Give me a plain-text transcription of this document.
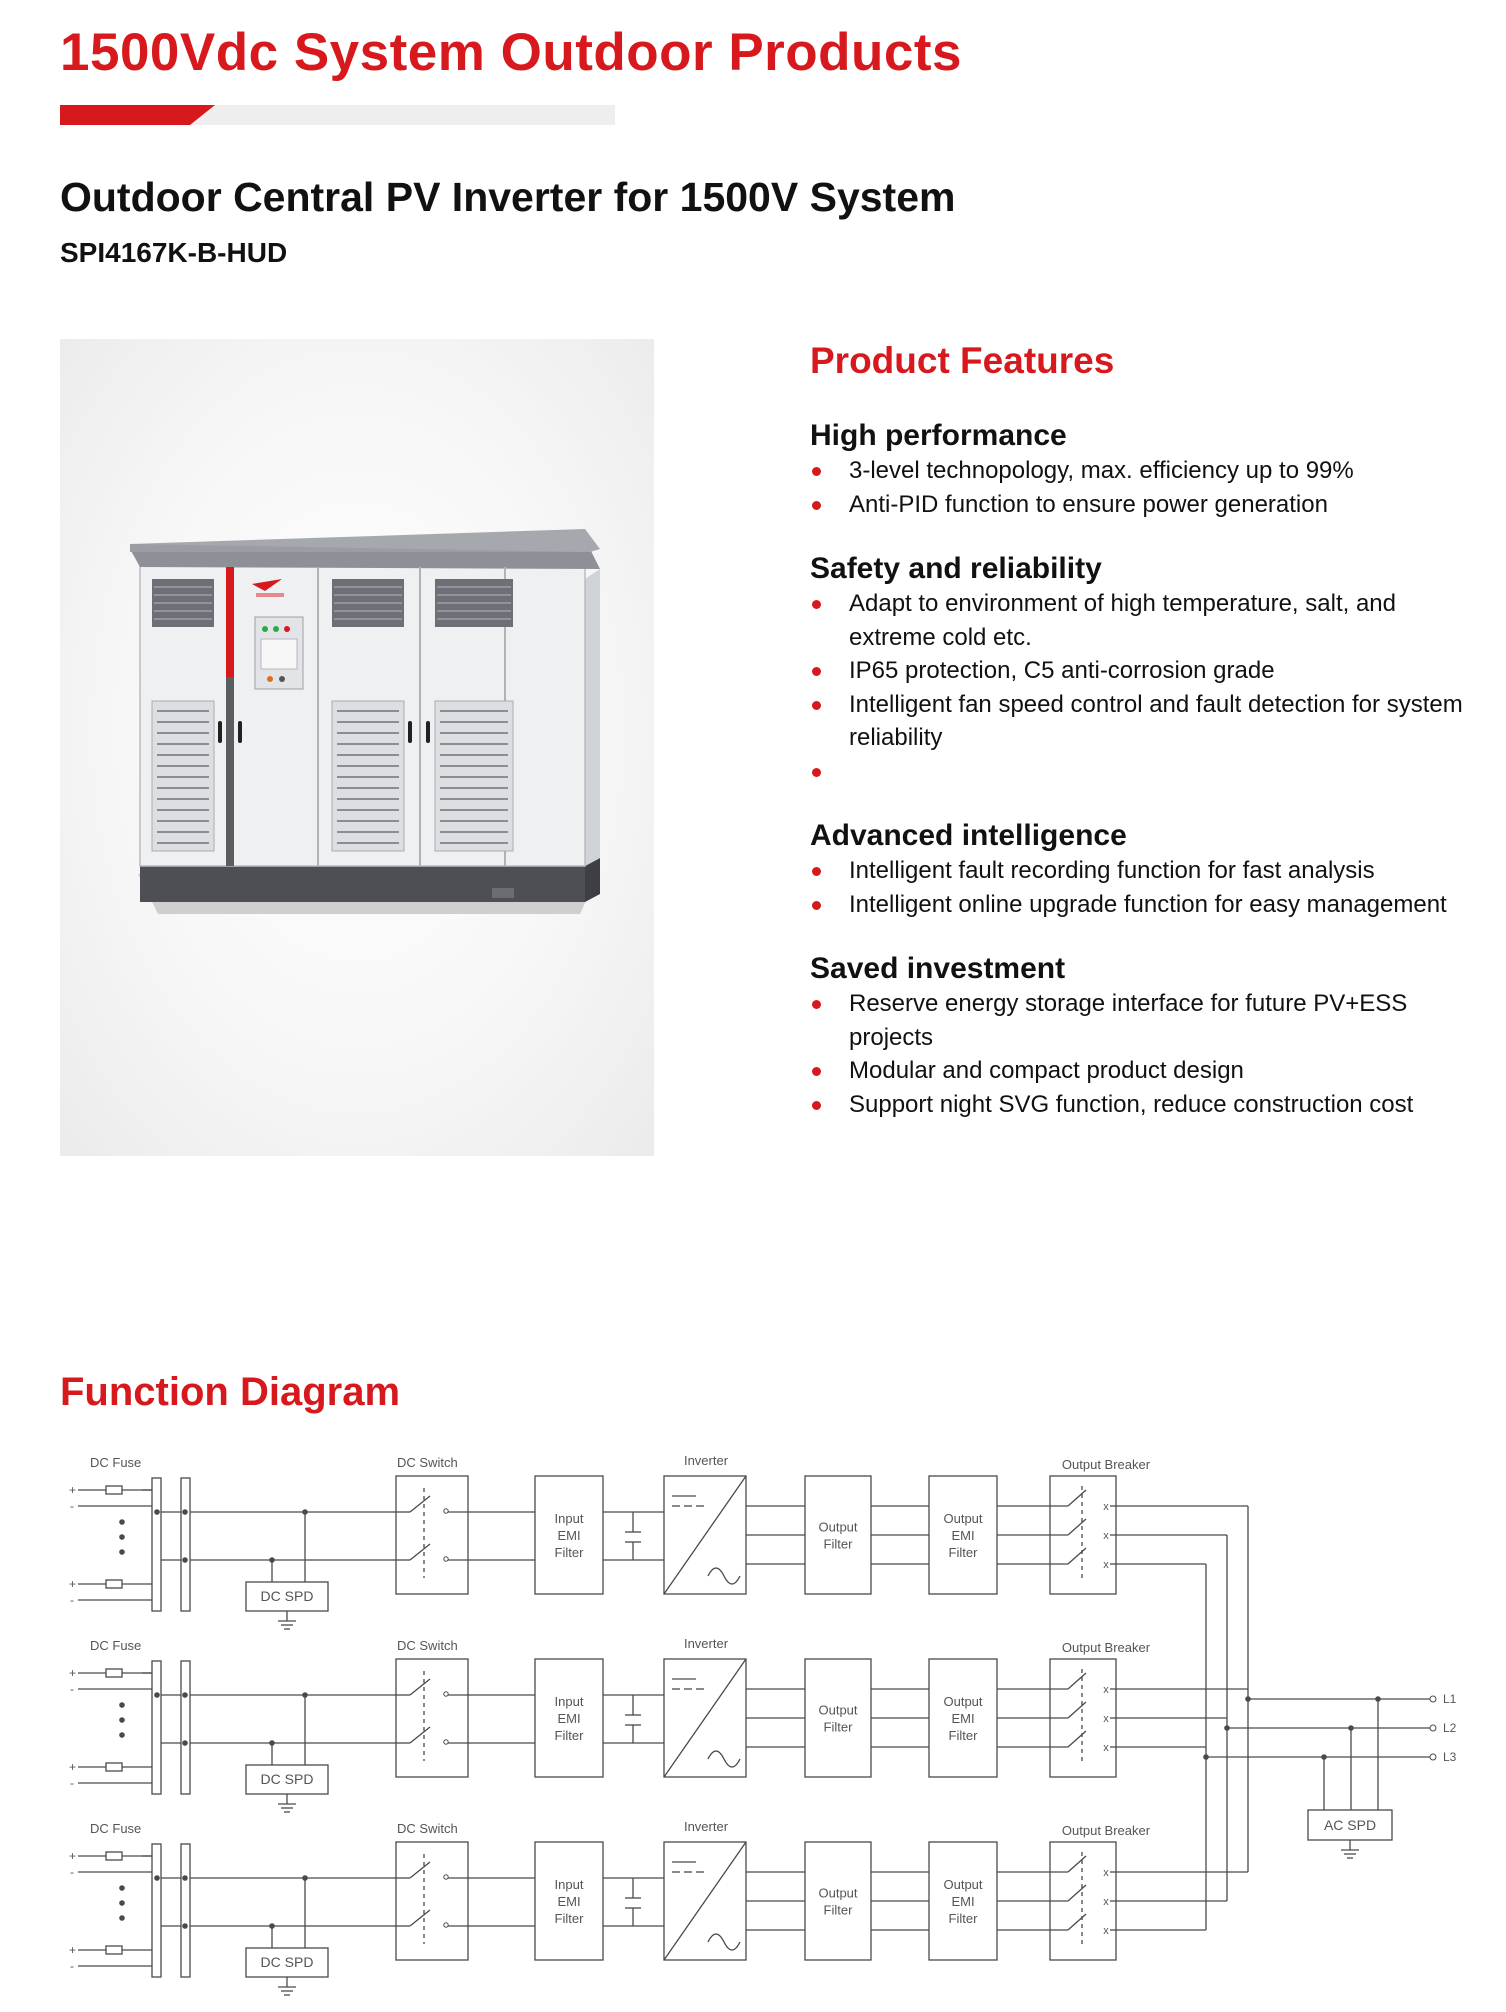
1500Vdc System Outdoor Products
Outdoor Central PV Inverter for 1500V System
SPI4167K-B-HUD
Product Features
High performance
3-level technopology, max. efficiency up to 99%
Anti-PID function to ensure power generation
Safety and reliability
Adapt to environment of high temperature, salt, and extreme cold etc.
IP65 protection, C5 anti-corrosion grade
Intelligent fan speed control and fault detection for system reliability
Advanced intelligence
Intelligent fault recording function for fast analysis
Intelligent online upgrade function for easy management
Saved investment
Reserve energy storage interface for future PV+ESS projects
Modular and compact product design
Support night SVG function, reduce construction cost
Function Diagram
DC Fuse	DC Switch	Inverter	Output Breaker
+
-
+
-	DC SPD
Input
EMI
Filter
Output
Filter
Output
EMI
Filter
x
x
x
DC Fuse	DC Switch	Inverter	Output Breaker
+
-
+
-	DC SPD
Input
EMI
Filter
Output
Filter
Output
EMI
Filter
x
x
x
DC Fuse	DC Switch	Inverter	Output Breaker
+
-
+
-	DC SPD
Input
EMI
Filter
Output
Filter
Output
EMI
Filter
x
x
x
L1
L2
L3
AC SPD
